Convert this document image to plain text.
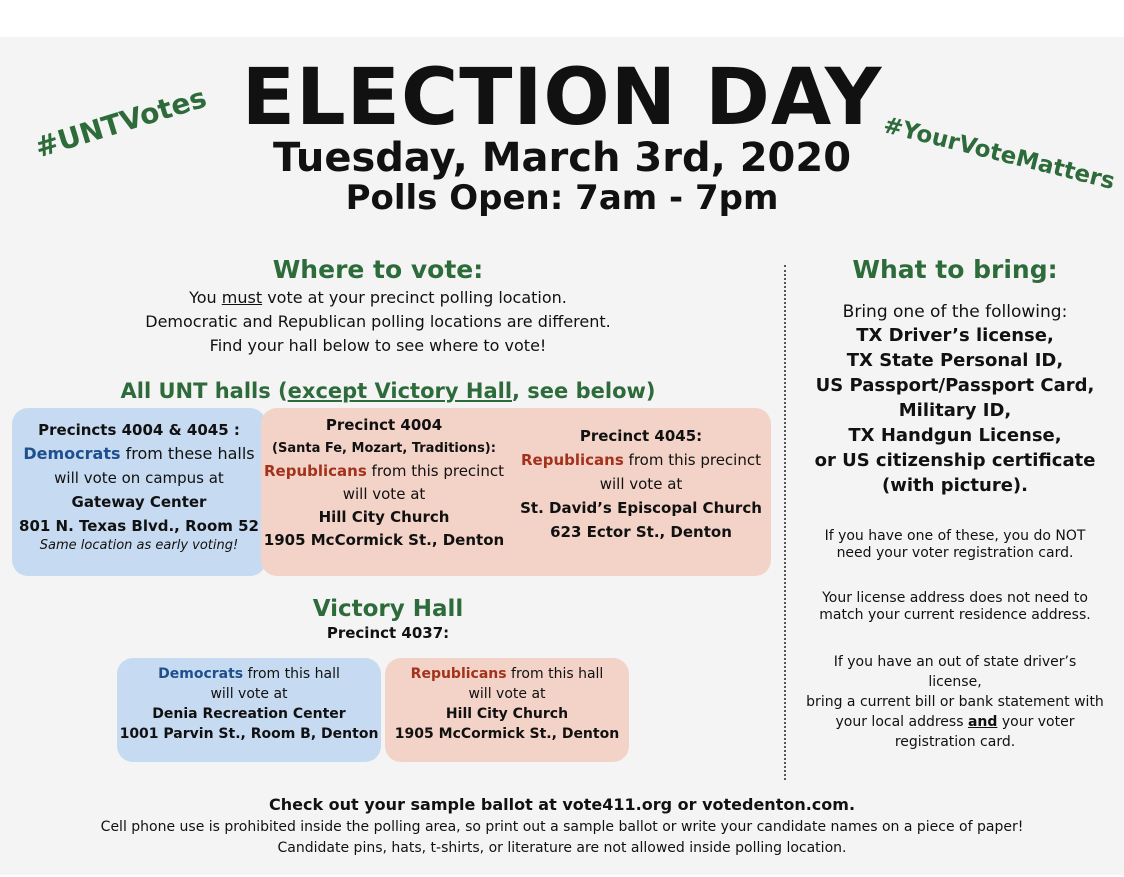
ELECTION DAY
Tuesday, March 3rd, 2020
Polls Open: 7am - 7pm
#UNTVotes	#YourVoteMatters
Where to vote:
You must vote at your precinct polling location.
Democratic and Republican polling locations are different.
Find your hall below to see where to vote!
All UNT halls (except Victory Hall, see below)
Precincts 4004 & 4045 :
Democrats from these halls
will vote on campus at
Gateway Center
801 N. Texas Blvd., Room 52
Same location as early voting!
Precinct 4004
(Santa Fe, Mozart, Traditions):
Republicans from this precinct
will vote at
Hill City Church
1905 McCormick St., Denton
Precinct 4045:
Republicans from this precinct
will vote at
St. David’s Episcopal Church
623 Ector St., Denton
Victory Hall
Precinct 4037:
Democrats from this hall
will vote at
Denia Recreation Center
1001 Parvin St., Room B, Denton
Republicans from this hall
will vote at
Hill City Church
1905 McCormick St., Denton
What to bring:
Bring one of the following:
TX Driver’s license,
TX State Personal ID,
US Passport/Passport Card,
Military ID,
TX Handgun License,
or US citizenship certificate
(with picture).
If you have one of these, you do NOT
need your voter registration card.
Your license address does not need to
match your current residence address.
If you have an out of state driver’s
license,
bring a current bill or bank statement with
your local address and your voter
registration card.
Check out your sample ballot at vote411.org or votedenton.com.
Cell phone use is prohibited inside the polling area, so print out a sample ballot or write your candidate names on a piece of paper!
Candidate pins, hats, t-shirts, or literature are not allowed inside polling location.
